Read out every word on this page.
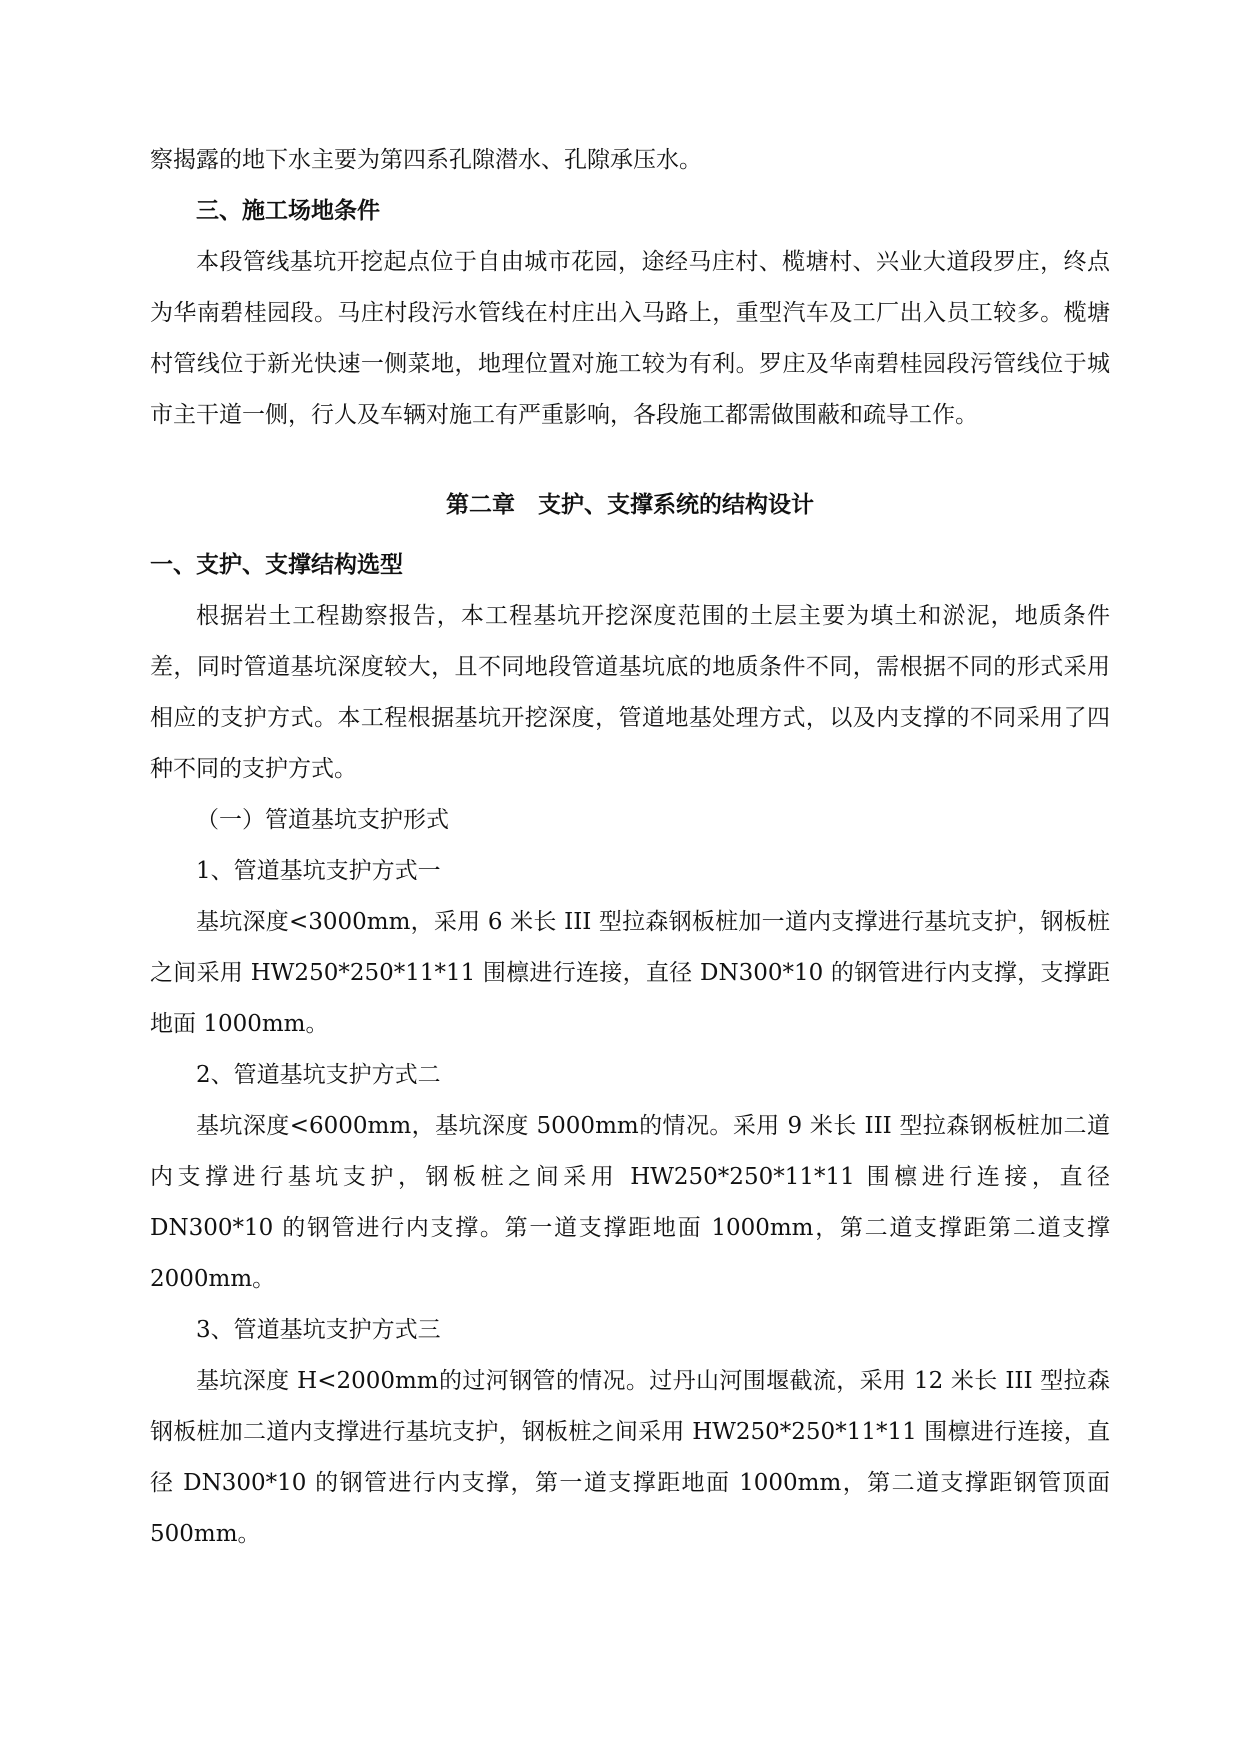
察揭露的地下水主要为第四系孔隙潜水、孔隙承压水。

三、施工场地条件

本段管线基坑开挖起点位于自由城市花园，途经马庄村、榄塘村、兴业大道段罗庄，终点为华南碧桂园段。马庄村段污水管线在村庄出入马路上，重型汽车及工厂出入员工较多。榄塘村管线位于新光快速一侧菜地，地理位置对施工较为有利。罗庄及华南碧桂园段污管线位于城市主干道一侧，行人及车辆对施工有严重影响，各段施工都需做围蔽和疏导工作。

第二章　支护、支撑系统的结构设计

一、支护、支撑结构选型

根据岩土工程勘察报告，本工程基坑开挖深度范围的土层主要为填土和淤泥，地质条件差，同时管道基坑深度较大，且不同地段管道基坑底的地质条件不同，需根据不同的形式采用相应的支护方式。本工程根据基坑开挖深度，管道地基处理方式，以及内支撑的不同采用了四种不同的支护方式。

（一）管道基坑支护形式

1、管道基坑支护方式一

基坑深度<3000mm，采用 6 米长 III 型拉森钢板桩加一道内支撑进行基坑支护，钢板桩之间采用 HW250*250*11*11 围檩进行连接，直径 DN300*10 的钢管进行内支撑，支撑距地面 1000mm。

2、管道基坑支护方式二

基坑深度<6000mm，基坑深度 5000mm的情况。采用 9 米长 III 型拉森钢板桩加二道内支撑进行基坑支护，钢板桩之间采用 HW250*250*11*11 围檩进行连接，直径 DN300*10 的钢管进行内支撑。第一道支撑距地面 1000mm，第二道支撑距第二道支撑 2000mm。

3、管道基坑支护方式三

基坑深度 H<2000mm的过河钢管的情况。过丹山河围堰截流，采用 12 米长 III 型拉森钢板桩加二道内支撑进行基坑支护，钢板桩之间采用 HW250*250*11*11 围檩进行连接，直径 DN300*10 的钢管进行内支撑，第一道支撑距地面 1000mm，第二道支撑距钢管顶面 500mm。
